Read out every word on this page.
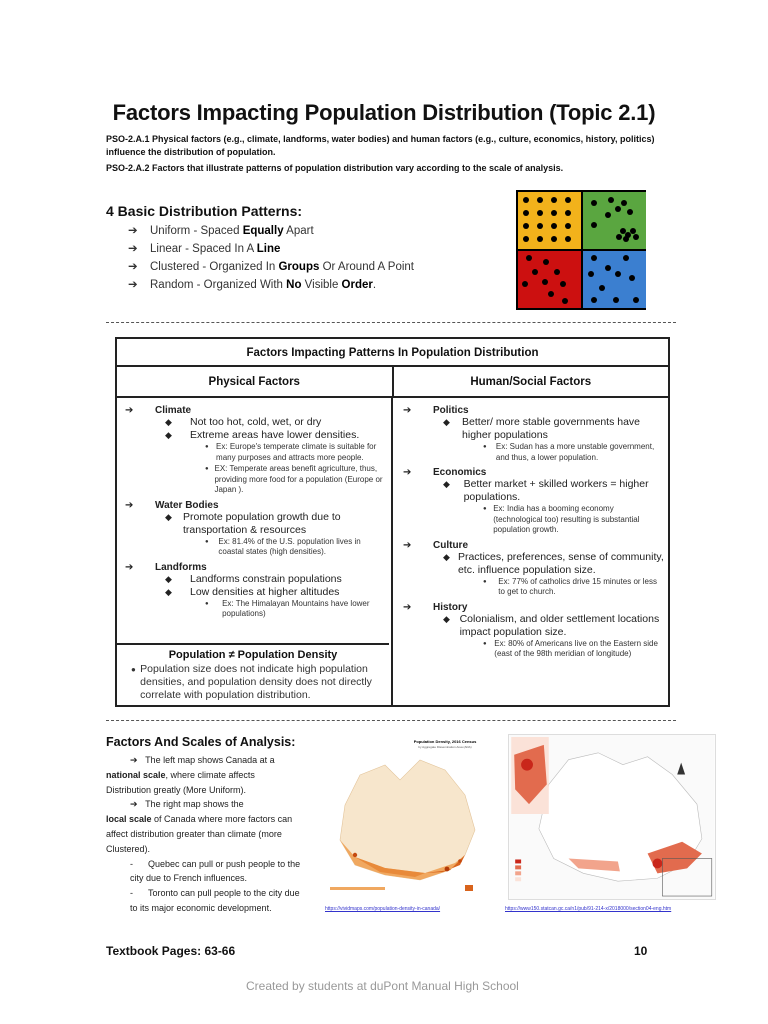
Factors Impacting Population Distribution (Topic 2.1)
PSO-2.A.1 Physical factors (e.g., climate, landforms, water bodies) and human factors (e.g., culture, economics, history, politics) influence the distribution of population.
PSO-2.A.2 Factors that illustrate patterns of population distribution vary according to the scale of analysis.
4 Basic Distribution Patterns:
➔	Uniform - Spaced Equally Apart
➔	Linear - Spaced In A Line
➔	Clustered - Organized In Groups Or Around A Point
➔	Random - Organized With No Visible Order.
Factors Impacting Patterns In Population Distribution
Physical Factors	Human/Social Factors
➔	Climate
◆	Not too hot, cold, wet, or dry
◆	Extreme areas have lower densities.
● Ex: Europe's temperate climate is suitable for many purposes and attracts more people.
● EX: Temperate areas benefit agriculture, thus, providing more food for a population (Europe or Japan ).
➔	Water Bodies
◆	Promote population growth due to transportation & resources
●	Ex: 81.4% of the U.S. population lives in coastal states (high densities).
➔	Landforms
◆	Landforms constrain populations
◆	Low densities at higher altitudes
●	Ex: The Himalayan Mountains have lower populations)
➔	Politics
◆	Better/ more stable governments have higher populations
●	Ex: Sudan has a more unstable government, and thus, a lower population.
➔	Economics
◆	Better market + skilled workers = higher populations.
● Ex: India has a booming economy (technological too) resulting is substantial population growth.
➔	Culture
◆ Practices, preferences, sense of community, etc. influence population size.
●	Ex: 77% of catholics drive 15 minutes or less to get to church.
➔	History
◆ Colonialism, and older settlement locations impact population size.
● Ex: 80% of Americans live on the Eastern side (east of the 98th meridian of longitude)
Population ≠ Population Density
● Population size does not indicate high population densities, and population density does not directly correlate with population distribution.
Factors And Scales of Analysis:
➔ The left map shows Canada at a
national scale, where climate affects Distribution greatly (More Uniform).
➔ The right map shows the
local scale of Canada where more factors can affect distribution greater than climate (more Clustered).
-      Quebec can pull or push people to the city due to French influences.
-      Toronto can pull people to the city due to its major economic development.
Population Density, 2016 Census
by Aggregate Dissemination Area (ADA)
https://vividmaps.com/population-density-in-canada/	https://www150.statcan.gc.ca/n1/pub/91-214-x/2018000/section04-eng.htm
Textbook Pages: 63-66	10
Created by students at duPont Manual High School
